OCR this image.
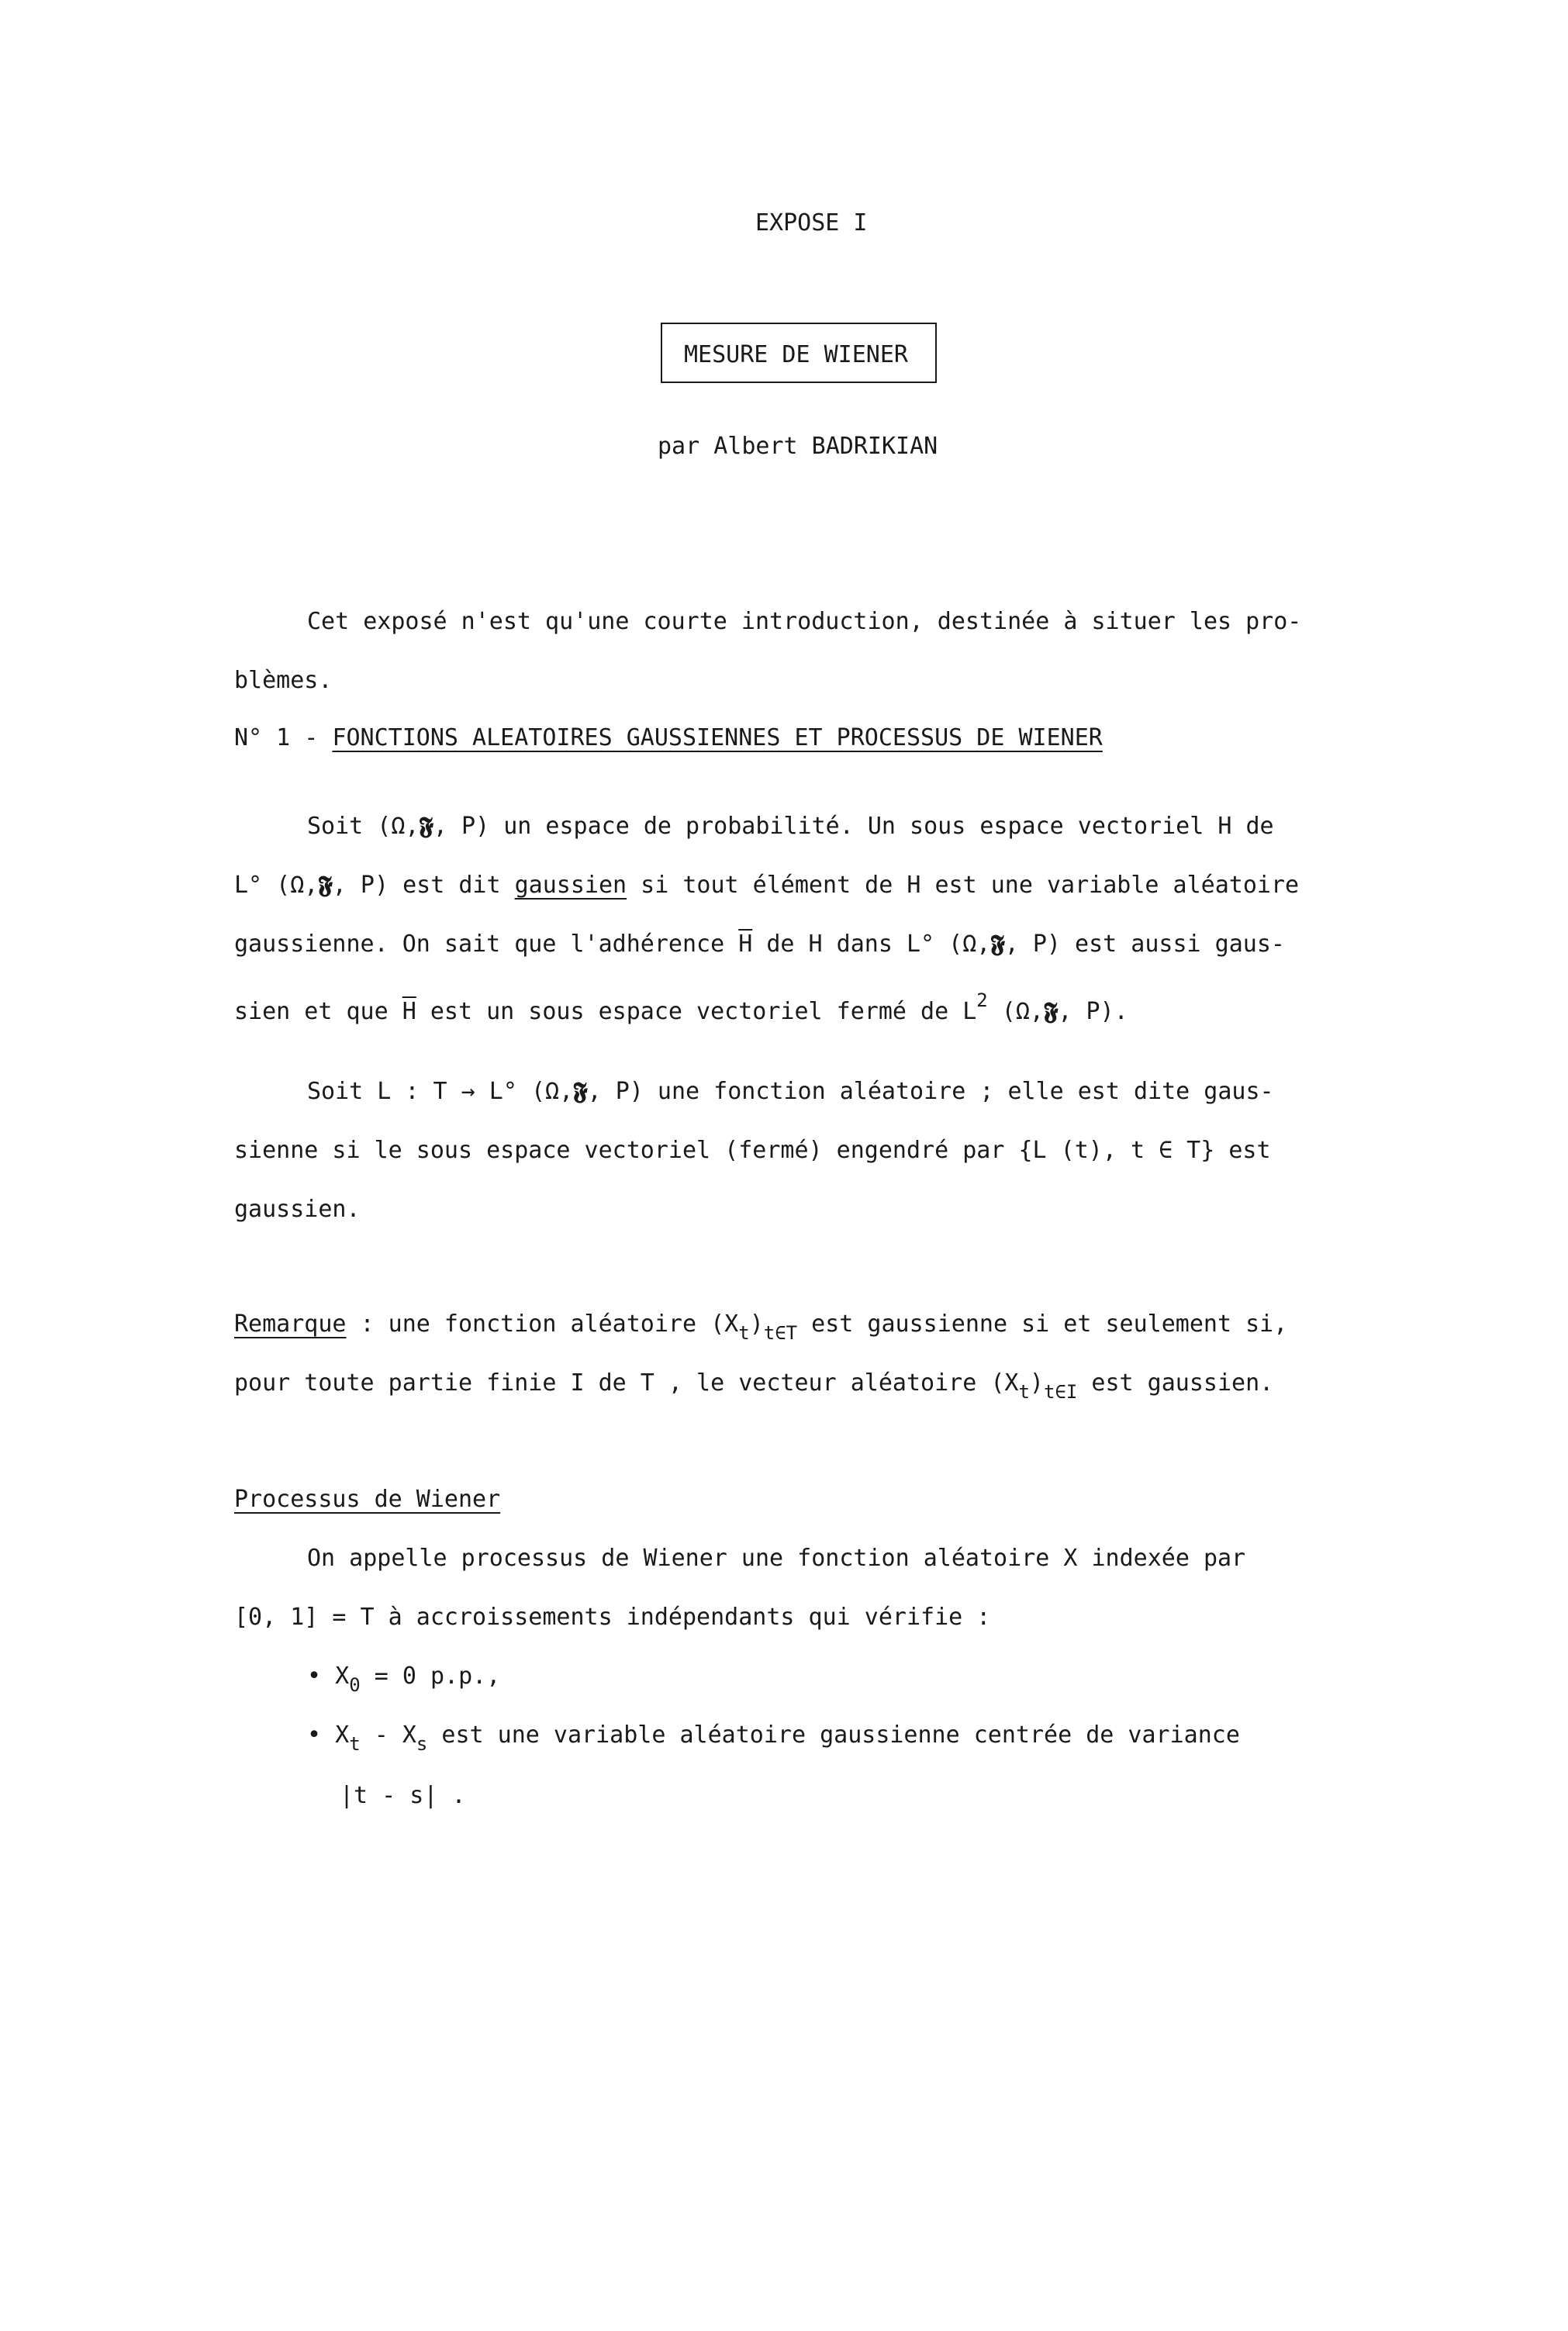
EXPOSE I
MESURE DE WIENER
par Albert BADRIKIAN
Cet exposé n'est qu'une courte introduction, destinée à situer les pro-
blèmes.
N° 1 - FONCTIONS ALEATOIRES GAUSSIENNES ET PROCESSUS DE WIENER
Soit (Ω,𝕱, P) un espace de probabilité. Un sous espace vectoriel H de
L° (Ω,𝕱, P) est dit gaussien si tout élément de H est une variable aléatoire
gaussienne. On sait que l'adhérence $\overline{H}$ de H dans L° (Ω,𝕱, P) est aussi gaus-
sien et que $\overline{H}$ est un sous espace vectoriel fermé de $L^2$ (Ω,𝕱, P).
Soit L : T → L° (Ω,𝕱, P) une fonction aléatoire ; elle est dite gaus-
sienne si le sous espace vectoriel (fermé) engendré par {L (t), t ∈ T} est
gaussien.
Remarque : une fonction aléatoire $(X_t)_{t\in T}$ est gaussienne si et seulement si,
pour toute partie finie I de T , le vecteur aléatoire $(X_t)_{t\in I}$ est gaussien.
Processus de Wiener
On appelle processus de Wiener une fonction aléatoire X indexée par
[0, 1] = T à accroissements indépendants qui vérifie :
• $X_0 = 0$ p.p.,
• $X_t - X_s$ est une variable aléatoire gaussienne centrée de variance
|t - s| .
